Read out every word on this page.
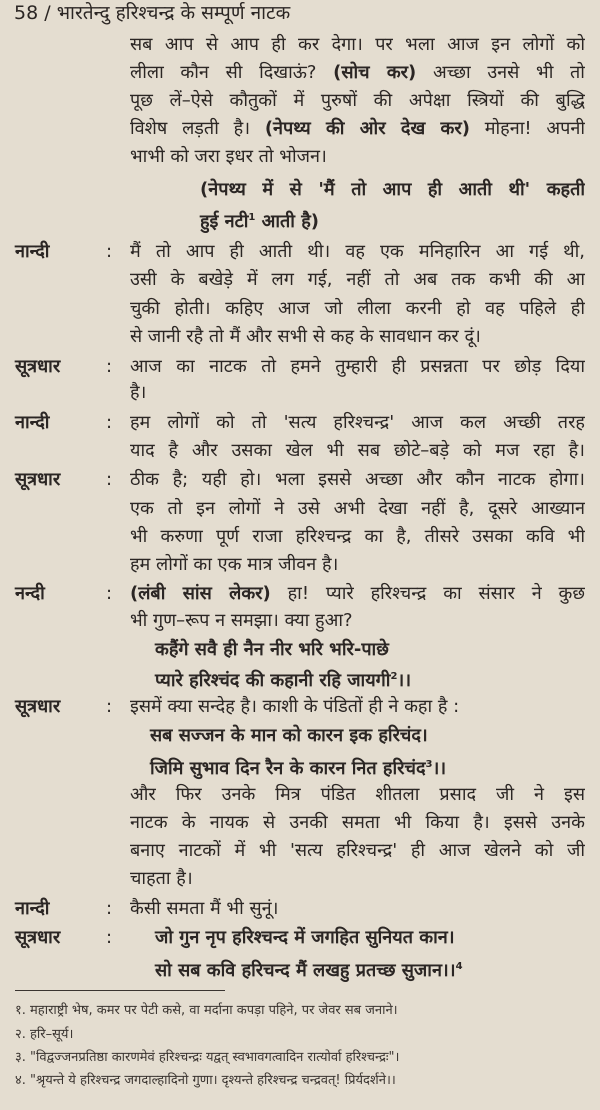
58 / भारतेन्दु हरिश्चन्द्र के सम्पूर्ण नाटक
सब आप से आप ही कर देगा। पर भला आज इन लोगों को
लीला कौन सी दिखाऊं? (सोच कर) अच्छा उनसे भी तो
पूछ लें–ऐसे कौतुकों में पुरुषों की अपेक्षा स्त्रियों की बुद्धि
विशेष लड़ती है। (नेपथ्य की ओर देख कर) मोहना! अपनी
भाभी को जरा इधर तो भोजन।
(नेपथ्य में से 'मैं तो आप ही आती थी' कहती
हुई नटी$^1$ आती है)
नान्दी	: मैं तो आप ही आती थी। वह एक मनिहारिन आ गई थी,
उसी के बखेड़े में लग गई, नहीं तो अब तक कभी की आ
चुकी होती। कहिए आज जो लीला करनी हो वह पहिले ही
से जानी रहै तो मैं और सभी से कह के सावधान कर दूं।
सूत्रधार	: आज का नाटक तो हमने तुम्हारी ही प्रसन्नता पर छोड़ दिया
है।
नान्दी	: हम लोगों को तो 'सत्य हरिश्चन्द्र' आज कल अच्छी तरह
याद है और उसका खेल भी सब छोटे–बड़े को मज रहा है।
सूत्रधार	: ठीक है; यही हो। भला इससे अच्छा और कौन नाटक होगा।
एक तो इन लोगों ने उसे अभी देखा नहीं है, दूसरे आख्यान
भी करुणा पूर्ण राजा हरिश्चन्द्र का है, तीसरे उसका कवि भी
हम लोगों का एक मात्र जीवन है।
नन्दी	: (लंबी सांस लेकर) हा! प्यारे हरिश्चन्द्र का संसार ने कुछ
भी गुण–रूप न समझा। क्या हुआ?
कहैंगे सवै ही नैन नीर भरि भरि-पाछे
प्यारे हरिश्चंद की कहानी रहि जायगी$^2$।।
सूत्रधार	: इसमें क्या सन्देह है। काशी के पंडितों ही ने कहा है :
सब सज्जन के मान को कारन इक हरिचंद।
जिमि सुभाव दिन रैन के कारन नित हरिचंद$^3$।।
और फिर उनके मित्र पंडित शीतला प्रसाद जी ने इस
नाटक के नायक से उनकी समता भी किया है। इससे उनके
बनाए नाटकों में भी 'सत्य हरिश्चन्द्र' ही आज खेलने को जी
चाहता है।
नान्दी	: कैसी समता मैं भी सुनूं।
सूत्रधार	: जो गुन नृप हरिश्चन्द में जगहित सुनियत कान।
सो सब कवि हरिचन्द मैं लखहु प्रतच्छ सुजान।।$^4$
१. महाराष्ट्री भेष, कमर पर पेटी कसे, वा मर्दाना कपड़ा पहिने, पर जेवर सब जनाने।
२. हरि–सूर्य।
३. "विद्वज्जनप्रतिष्ठा कारणमेवं हरिश्चन्द्रः यद्वत् स्वभावगत्वादिन रात्योर्वा हरिश्चन्द्रः"।
४. "श्रृयन्ते ये हरिश्चन्द्र जगदाल्हादिनो गुणा। दृश्यन्ते हरिश्चन्द्र चन्द्रवत्! प्रिर्यदर्शने।।
